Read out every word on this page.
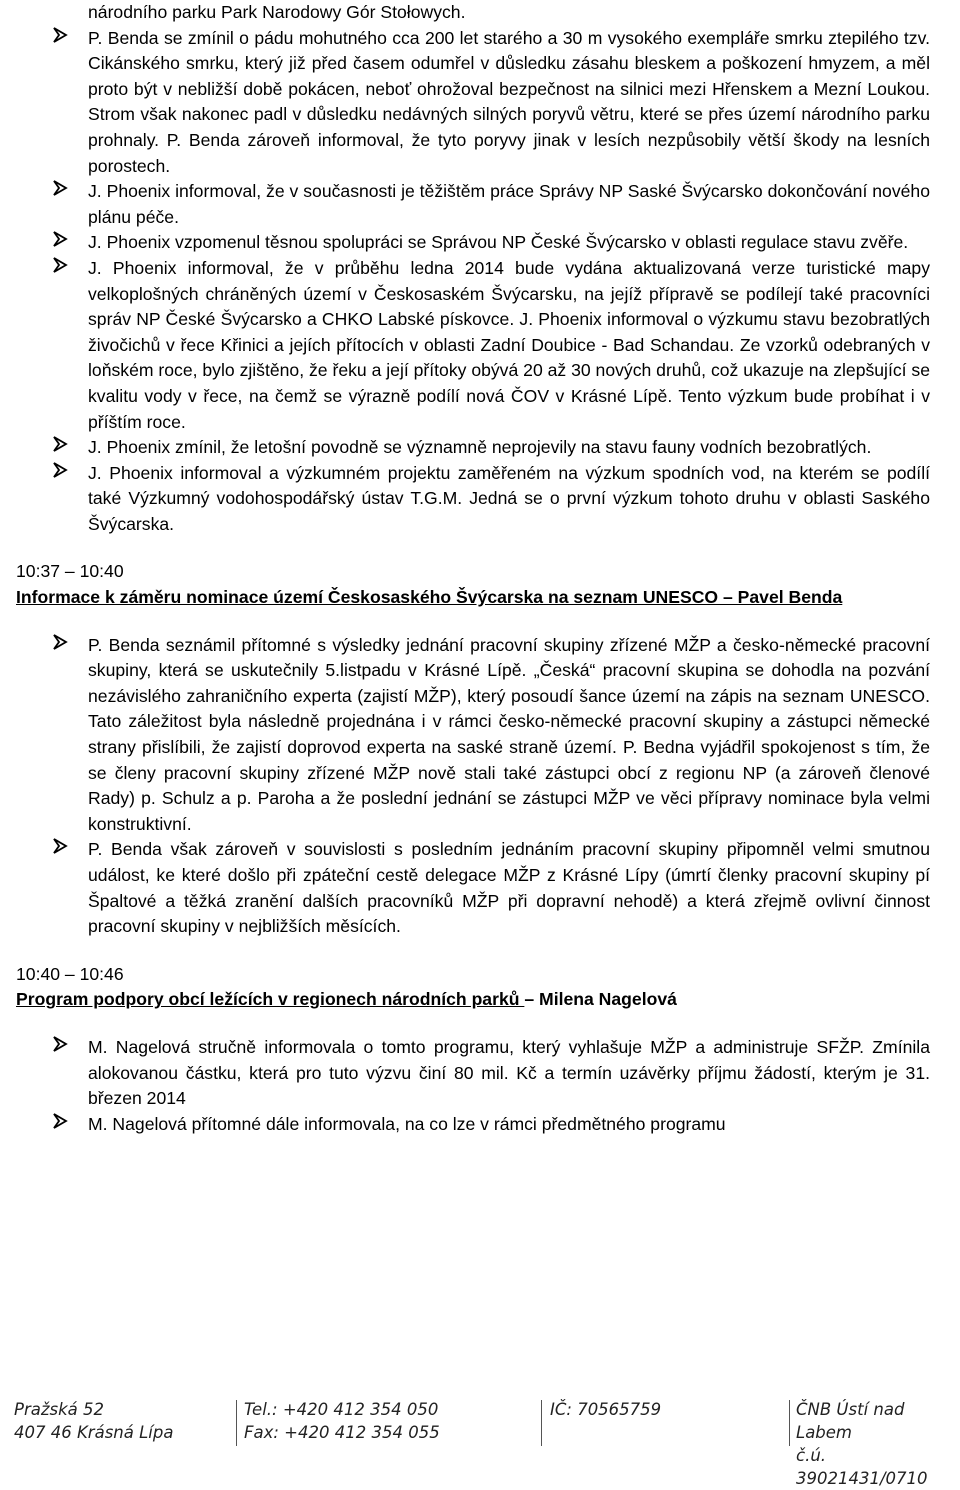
národního parku Park Narodowy Gór Stołowych.
P. Benda se zmínil o pádu mohutného cca 200 let starého a 30 m vysokého exempláře smrku ztepilého tzv. Cikánského smrku, který již před časem odumřel v důsledku zásahu bleskem a poškození hmyzem, a měl proto být v nebližší době pokácen, neboť ohrožoval bezpečnost na silnici mezi Hřenskem a Mezní Loukou. Strom však nakonec padl v důsledku nedávných silných poryvů větru, které se přes území národního parku prohnaly. P. Benda zároveň informoval, že tyto poryvy jinak v lesích nezpůsobily větší škody na lesních porostech.
J. Phoenix informoval, že v současnosti je těžištěm práce Správy NP Saské Švýcarsko dokončování nového plánu péče.
J. Phoenix vzpomenul těsnou spolupráci se Správou NP České Švýcarsko v oblasti regulace stavu zvěře.
J. Phoenix informoval, že v průběhu ledna 2014 bude vydána aktualizovaná verze turistické mapy velkoplošných chráněných území v Českosaském Švýcarsku, na jejíž přípravě se podílejí také pracovníci správ NP České Švýcarsko a CHKO Labské pískovce. J. Phoenix informoval o výzkumu stavu bezobratlých živočichů v řece Křinici a jejích přítocích v oblasti Zadní Doubice - Bad Schandau. Ze vzorků odebraných v loňském roce, bylo zjištěno, že řeku a její přítoky obývá 20 až 30 nových druhů, což ukazuje na zlepšující se kvalitu vody v řece, na čemž se výrazně podílí nová ČOV v Krásné Lípě. Tento výzkum bude probíhat i v příštím roce.
J. Phoenix zmínil, že letošní povodně se významně neprojevily na stavu fauny vodních bezobratlých.
J. Phoenix informoval a výzkumném projektu zaměřeném na výzkum spodních vod, na kterém se podílí také Výzkumný vodohospodářský ústav T.G.M. Jedná se o první výzkum tohoto druhu v oblasti Saského Švýcarska.
10:37 – 10:40
Informace k záměru nominace území Českosaského Švýcarska na seznam UNESCO – Pavel Benda
P. Benda seznámil přítomné s výsledky jednání pracovní skupiny zřízené MŽP a česko-německé pracovní skupiny, která se uskutečnily 5.listpadu v Krásné Lípě. „Česká“ pracovní skupina se dohodla na pozvání nezávislého zahraničního experta (zajistí MŽP), který posoudí šance území na zápis na seznam UNESCO. Tato záležitost byla následně projednána i v rámci česko-německé pracovní skupiny a zástupci německé strany přislíbili, že zajistí doprovod experta na saské straně území. P. Bedna vyjádřil spokojenost s tím, že se členy pracovní skupiny zřízené MŽP nově stali také zástupci obcí z regionu NP (a zároveň členové Rady) p. Schulz a p. Paroha a že poslední jednání se zástupci MŽP ve věci přípravy nominace byla velmi konstruktivní.
P. Benda však zároveň v souvislosti s posledním jednáním pracovní skupiny připomněl velmi smutnou událost, ke které došlo při zpáteční cestě delegace MŽP z Krásné Lípy (úmrtí členky pracovní skupiny pí Špaltové a těžká zranění dalších pracovníků MŽP při dopravní nehodě) a která zřejmě ovlivní činnost pracovní skupiny v nejbližších měsících.
10:40 – 10:46
Program podpory obcí ležících v regionech národních parků – Milena Nagelová
M. Nagelová stručně informovala o tomto programu, který vyhlašuje MŽP a administruje SFŽP. Zmínila alokovanou částku, která pro tuto výzvu činí 80 mil. Kč a termín uzávěrky příjmu žádostí, kterým je 31. březen 2014
M. Nagelová přítomné dále informovala, na co lze v rámci předmětného programu
Pražská 52
407 46 Krásná Lípa
Tel.: +420 412 354 050
Fax: +420 412 354 055
IČ: 70565759	ČNB Ústí nad Labem
č.ú. 39021431/0710
